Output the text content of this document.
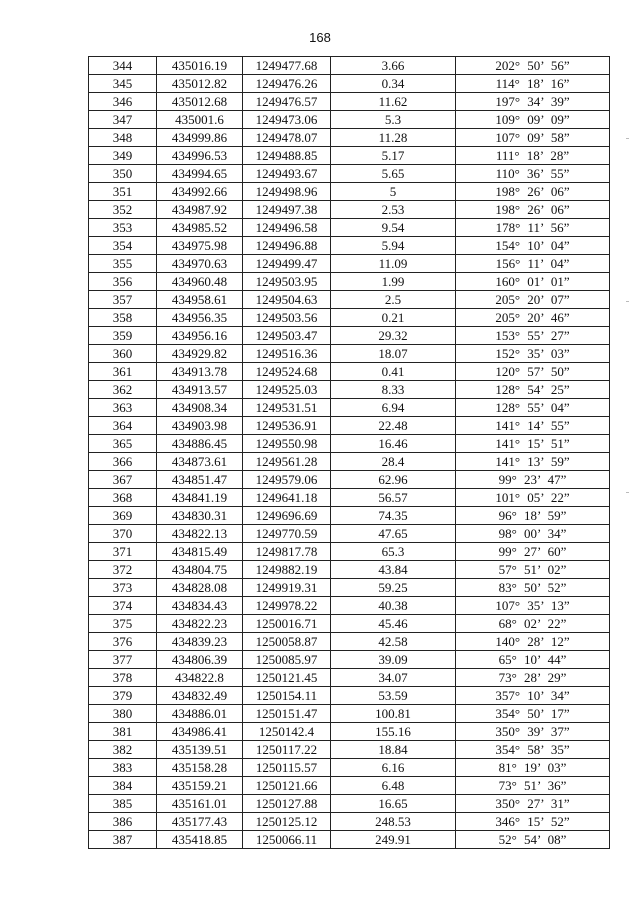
168
344	435016.19	1249477.68	3.66	202° 50’ 56”
345	435012.82	1249476.26	0.34	114° 18’ 16”
346	435012.68	1249476.57	11.62	197° 34’ 39”
347	435001.6	1249473.06	5.3	109° 09’ 09”
348	434999.86	1249478.07	11.28	107° 09’ 58”
349	434996.53	1249488.85	5.17	111° 18’ 28”
350	434994.65	1249493.67	5.65	110° 36’ 55”
351	434992.66	1249498.96	5	198° 26’ 06”
352	434987.92	1249497.38	2.53	198° 26’ 06”
353	434985.52	1249496.58	9.54	178° 11’ 56”
354	434975.98	1249496.88	5.94	154° 10’ 04”
355	434970.63	1249499.47	11.09	156° 11’ 04”
356	434960.48	1249503.95	1.99	160° 01’ 01”
357	434958.61	1249504.63	2.5	205° 20’ 07”
358	434956.35	1249503.56	0.21	205° 20’ 46”
359	434956.16	1249503.47	29.32	153° 55’ 27”
360	434929.82	1249516.36	18.07	152° 35’ 03”
361	434913.78	1249524.68	0.41	120° 57’ 50”
362	434913.57	1249525.03	8.33	128° 54’ 25”
363	434908.34	1249531.51	6.94	128° 55’ 04”
364	434903.98	1249536.91	22.48	141° 14’ 55”
365	434886.45	1249550.98	16.46	141° 15’ 51”
366	434873.61	1249561.28	28.4	141° 13’ 59”
367	434851.47	1249579.06	62.96	99° 23’ 47”
368	434841.19	1249641.18	56.57	101° 05’ 22”
369	434830.31	1249696.69	74.35	96° 18’ 59”
370	434822.13	1249770.59	47.65	98° 00’ 34”
371	434815.49	1249817.78	65.3	99° 27’ 60”
372	434804.75	1249882.19	43.84	57° 51’ 02”
373	434828.08	1249919.31	59.25	83° 50’ 52”
374	434834.43	1249978.22	40.38	107° 35’ 13”
375	434822.23	1250016.71	45.46	68° 02’ 22”
376	434839.23	1250058.87	42.58	140° 28’ 12”
377	434806.39	1250085.97	39.09	65° 10’ 44”
378	434822.8	1250121.45	34.07	73° 28’ 29”
379	434832.49	1250154.11	53.59	357° 10’ 34”
380	434886.01	1250151.47	100.81	354° 50’ 17”
381	434986.41	1250142.4	155.16	350° 39’ 37”
382	435139.51	1250117.22	18.84	354° 58’ 35”
383	435158.28	1250115.57	6.16	81° 19’ 03”
384	435159.21	1250121.66	6.48	73° 51’ 36”
385	435161.01	1250127.88	16.65	350° 27’ 31”
386	435177.43	1250125.12	248.53	346° 15’ 52”
387	435418.85	1250066.11	249.91	52° 54’ 08”
